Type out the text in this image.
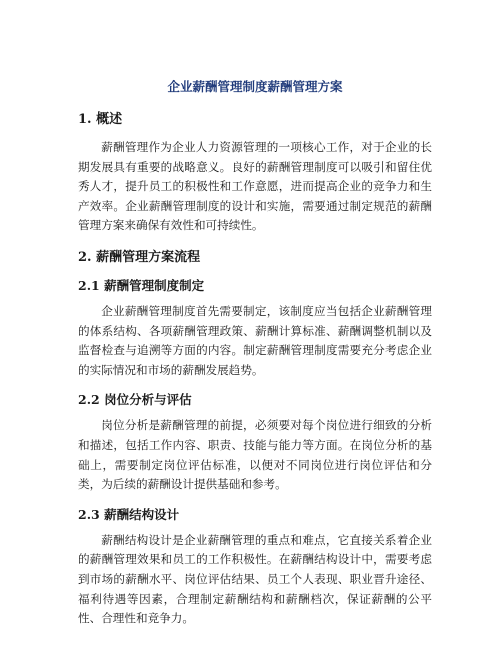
企业薪酬管理制度薪酬管理方案
1. 概述

薪酬管理作为企业人力资源管理的一项核心工作，对于企业的长期发展具有重要的战略意义。良好的薪酬管理制度可以吸引和留住优秀人才，提升员工的积极性和工作意愿，进而提高企业的竞争力和生产效率。企业薪酬管理制度的设计和实施，需要通过制定规范的薪酬管理方案来确保有效性和可持续性。

2. 薪酬管理方案流程
2.1 薪酬管理制度制定

企业薪酬管理制度首先需要制定，该制度应当包括企业薪酬管理的体系结构、各项薪酬管理政策、薪酬计算标准、薪酬调整机制以及监督检查与追溯等方面的内容。制定薪酬管理制度需要充分考虑企业的实际情况和市场的薪酬发展趋势。

2.2 岗位分析与评估

岗位分析是薪酬管理的前提，必须要对每个岗位进行细致的分析和描述，包括工作内容、职责、技能与能力等方面。在岗位分析的基础上，需要制定岗位评估标准，以便对不同岗位进行岗位评估和分类，为后续的薪酬设计提供基础和参考。

2.3 薪酬结构设计

薪酬结构设计是企业薪酬管理的重点和难点，它直接关系着企业的薪酬管理效果和员工的工作积极性。在薪酬结构设计中，需要考虑到市场的薪酬水平、岗位评估结果、员工个人表现、职业晋升途径、福利待遇等因素，合理制定薪酬结构和薪酬档次，保证薪酬的公平性、合理性和竞争力。
